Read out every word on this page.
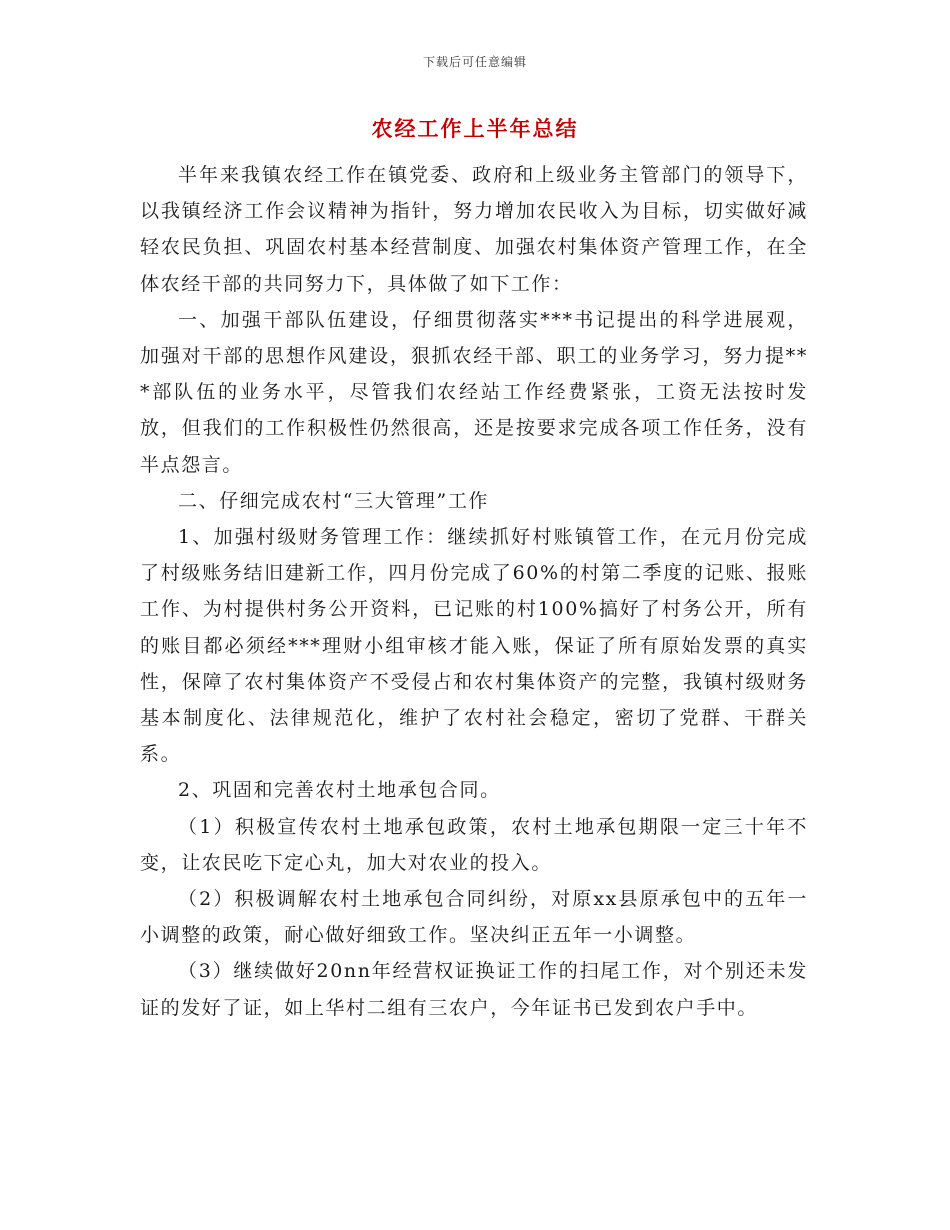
下载后可任意编辑
农经工作上半年总结

半年来我镇农经工作在镇党委、政府和上级业务主管部门的领导下，以我镇经济工作会议精神为指针，努力增加农民收入为目标，切实做好减轻农民负担、巩固农村基本经营制度、加强农村集体资产管理工作，在全体农经干部的共同努力下，具体做了如下工作：

一、加强干部队伍建设，仔细贯彻落实***书记提出的科学进展观，加强对干部的思想作风建设，狠抓农经干部、职工的业务学习，努力提***部队伍的业务水平，尽管我们农经站工作经费紧张，工资无法按时发放，但我们的工作积极性仍然很高，还是按要求完成各项工作任务，没有半点怨言。

二、仔细完成农村“三大管理”工作

1、加强村级财务管理工作：继续抓好村账镇管工作，在元月份完成了村级账务结旧建新工作，四月份完成了60%的村第二季度的记账、报账工作、为村提供村务公开资料，已记账的村100%搞好了村务公开，所有的账目都必须经***理财小组审核才能入账，保证了所有原始发票的真实性，保障了农村集体资产不受侵占和农村集体资产的完整，我镇村级财务基本制度化、法律规范化，维护了农村社会稳定，密切了党群、干群关系。

2、巩固和完善农村土地承包合同。

（1）积极宣传农村土地承包政策，农村土地承包期限一定三十年不变，让农民吃下定心丸，加大对农业的投入。

（2）积极调解农村土地承包合同纠纷，对原xx县原承包中的五年一小调整的政策，耐心做好细致工作。坚决纠正五年一小调整。

（3）继续做好20nn年经营权证换证工作的扫尾工作，对个别还未发证的发好了证，如上华村二组有三农户，今年证书已发到农户手中。
